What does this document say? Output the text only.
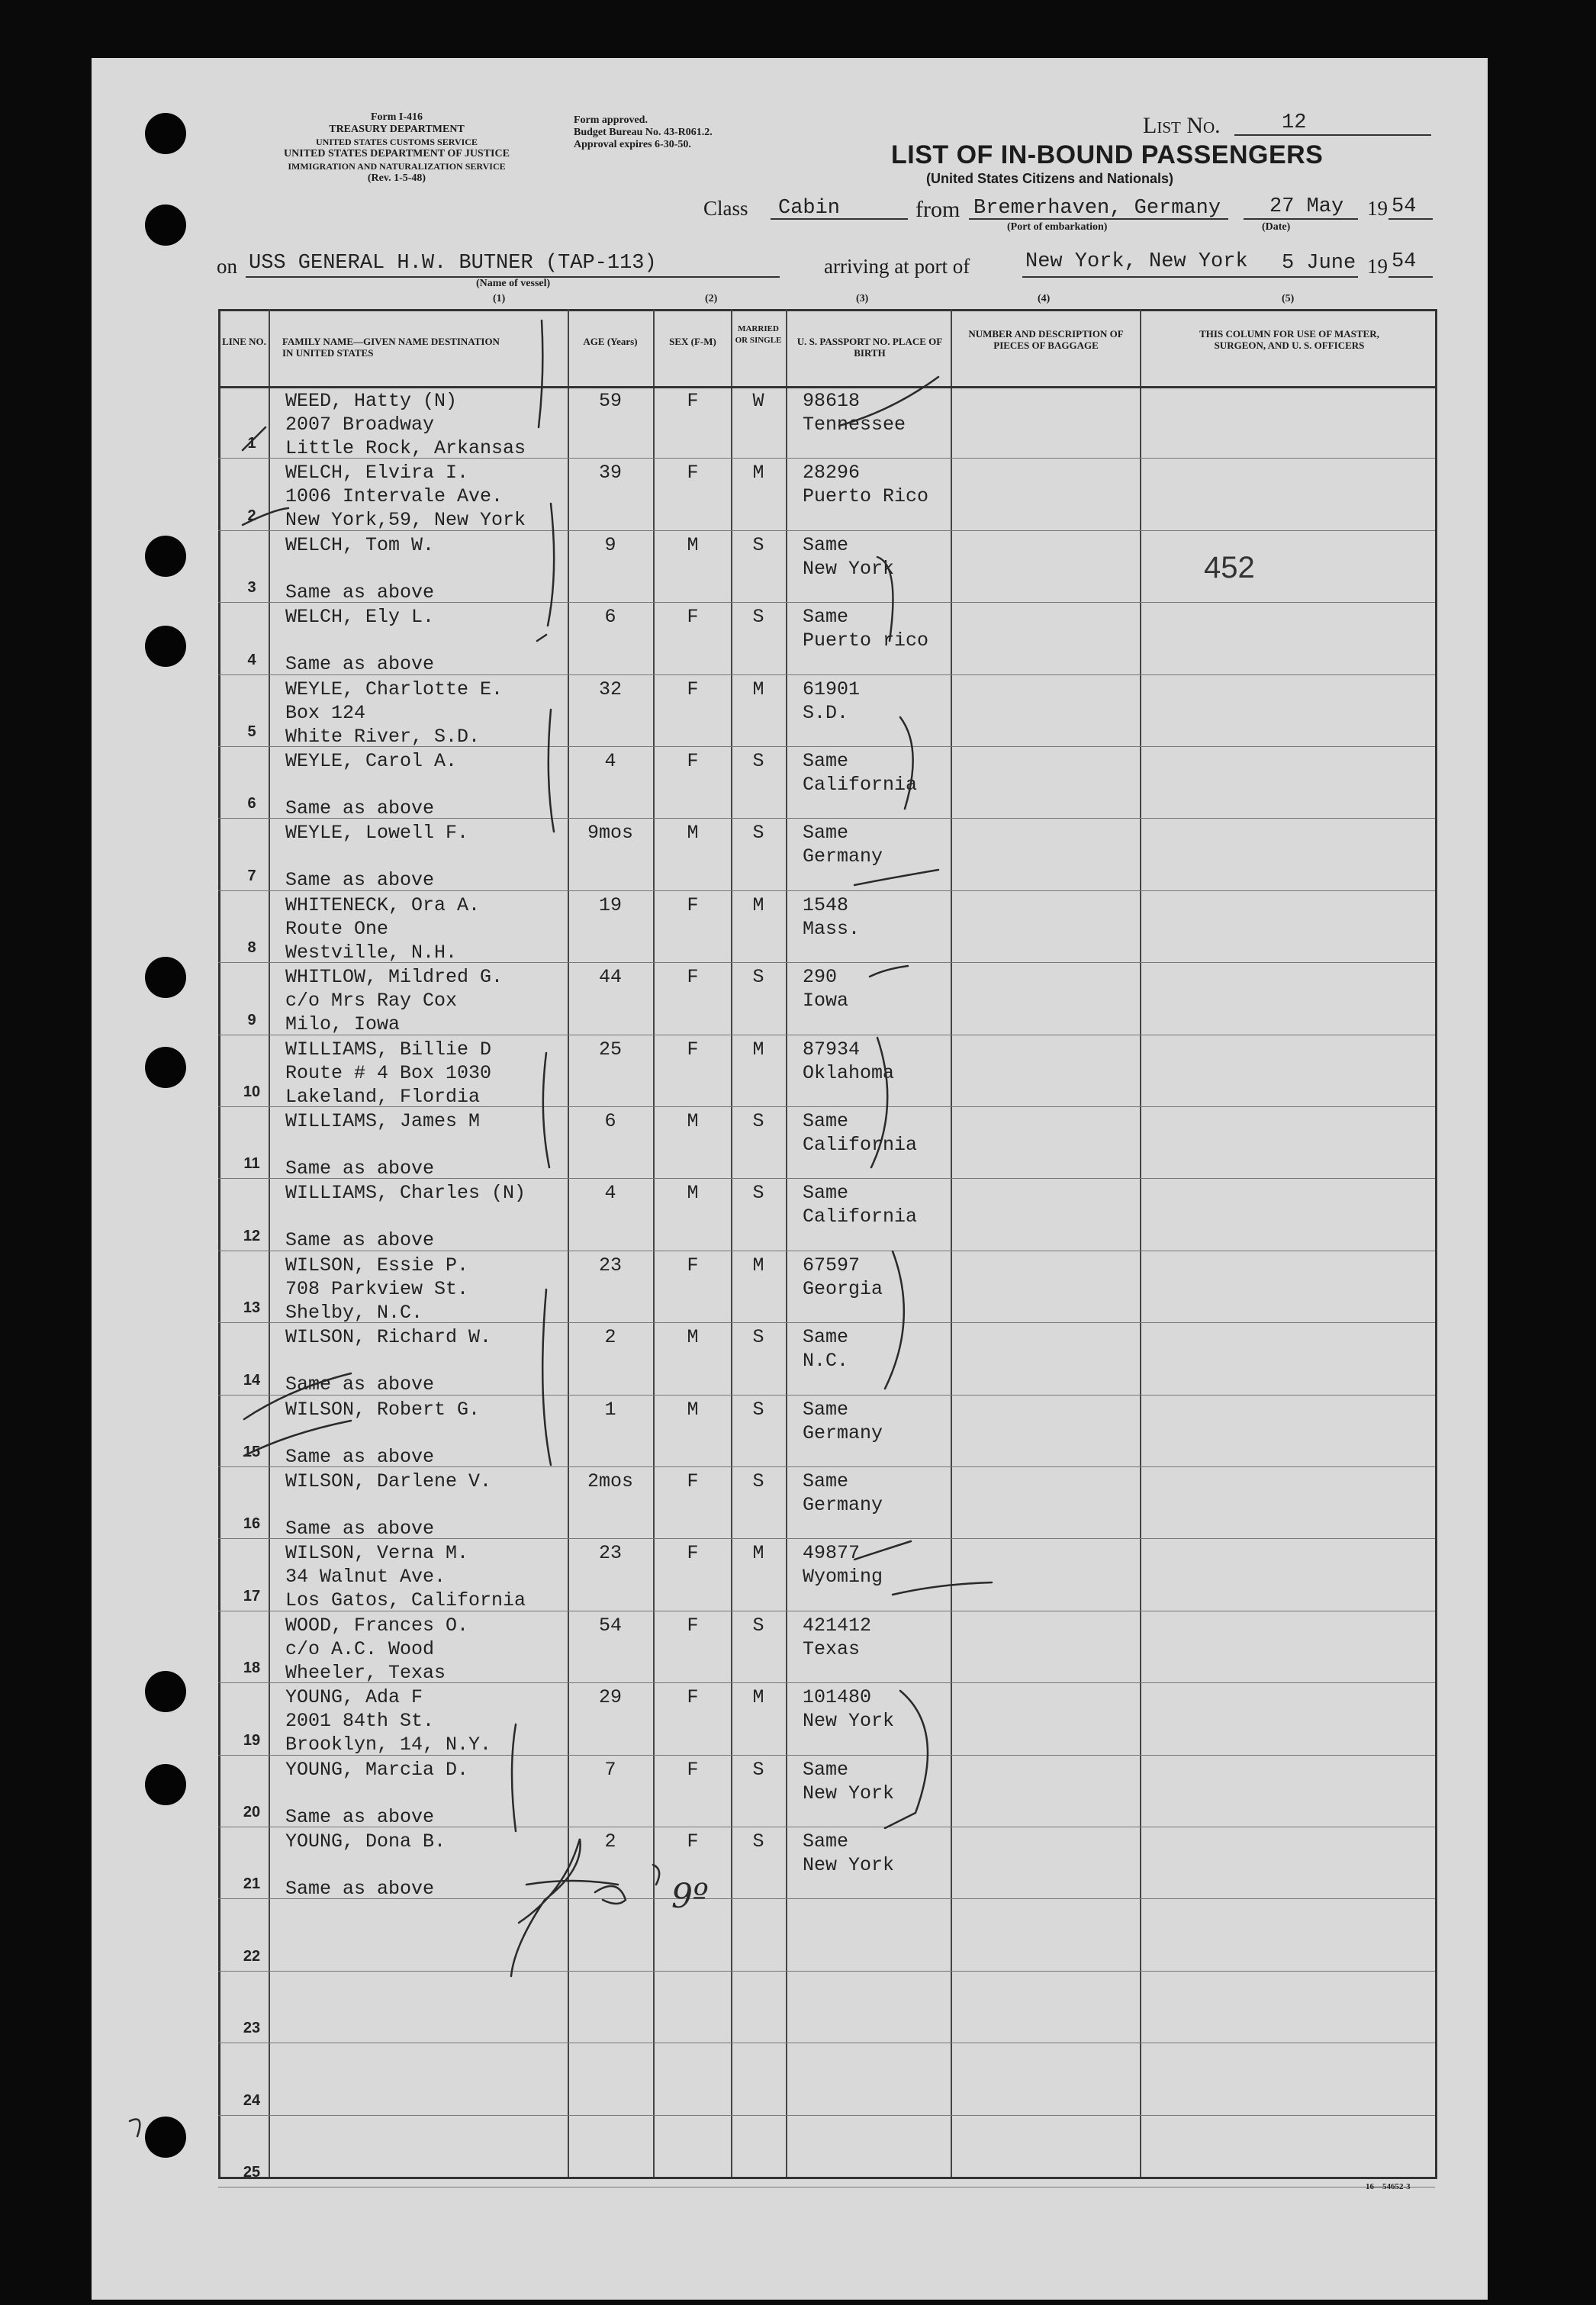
Form I-416
TREASURY DEPARTMENT
UNITED STATES CUSTOMS SERVICE
UNITED STATES DEPARTMENT OF JUSTICE
IMMIGRATION AND NATURALIZATION SERVICE
(Rev. 1-5-48)
Form approved.
Budget Bureau No. 43-R061.2.
Approval expires 6-30-50.
List No.	12
LIST OF IN-BOUND PASSENGERS
(United States Citizens and Nationals)
Class Cabin	from Bremerhaven, Germany
(Port of embarkation)
27 May
(Date)
19 54
on USS GENERAL H.W. BUTNER (TAP-113)
(Name of vessel)
(1)	(2)	(3)	(4)	(5)
arriving at port of	New York, New York 5 June 19 54
LINE NO. FAMILY NAME—GIVEN NAME DESTINATION IN UNITED STATES
AGE (Years)	SEX (F-M)
MARRIED OR SINGLE	U. S. PASSPORT NO. PLACE OF BIRTH
NUMBER AND DESCRIPTION OF PIECES OF BAGGAGE
THIS COLUMN FOR USE OF MASTER, SURGEON, AND U. S. OFFICERS
1
WEED, Hatty (N)
2007 Broadway
Little Rock, Arkansas
59	F	W	98618
Tennessee
2
WELCH, Elvira I.
1006 Intervale Ave.
New York,59, New York
39	F	M	28296
Puerto Rico
3
WELCH, Tom W.
Same as above
9	M	S	Same
New York
4
WELCH, Ely L.
Same as above
6	F	S	Same
Puerto rico
5
WEYLE, Charlotte E.
Box 124
White River, S.D.
32	F	M	61901
S.D.
6
WEYLE, Carol A.
Same as above
4	F	S	Same
California
7
WEYLE, Lowell F.
Same as above
9mos	M	S	Same
Germany
8
WHITENECK, Ora A.
Route One
Westville, N.H.
19	F	M	1548
Mass.
9
WHITLOW, Mildred G.
c/o Mrs Ray Cox
Milo, Iowa
44	F	S	290
Iowa
10
WILLIAMS, Billie D
Route # 4 Box 1030
Lakeland, Flordia
25	F	M	87934
Oklahoma
11
WILLIAMS, James M
Same as above
6	M	S	Same
California
12
WILLIAMS, Charles (N)
Same as above
4	M	S	Same
California
13
WILSON, Essie P.
708 Parkview St.
Shelby, N.C.
23	F	M	67597
Georgia
14
WILSON, Richard W.
Same as above
2	M	S	Same
N.C.
15
WILSON, Robert G.
Same as above
1	M	S	Same
Germany
16
WILSON, Darlene V.
Same as above
2mos	F	S	Same
Germany
17
WILSON, Verna M.
34 Walnut Ave.
Los Gatos, California
23	F	M	49877
Wyoming
18
WOOD, Frances O.
c/o A.C. Wood
Wheeler, Texas
54	F	S	421412
Texas
19
YOUNG, Ada F
2001 84th St.
Brooklyn, 14, N.Y.
29	F	M	101480
New York
20
YOUNG, Marcia D.
Same as above
7	F	S	Same
New York
21
YOUNG, Dona B.
Same as above
2	F	S	Same
New York
22
23
24
25
452
16—54652-3
9º
